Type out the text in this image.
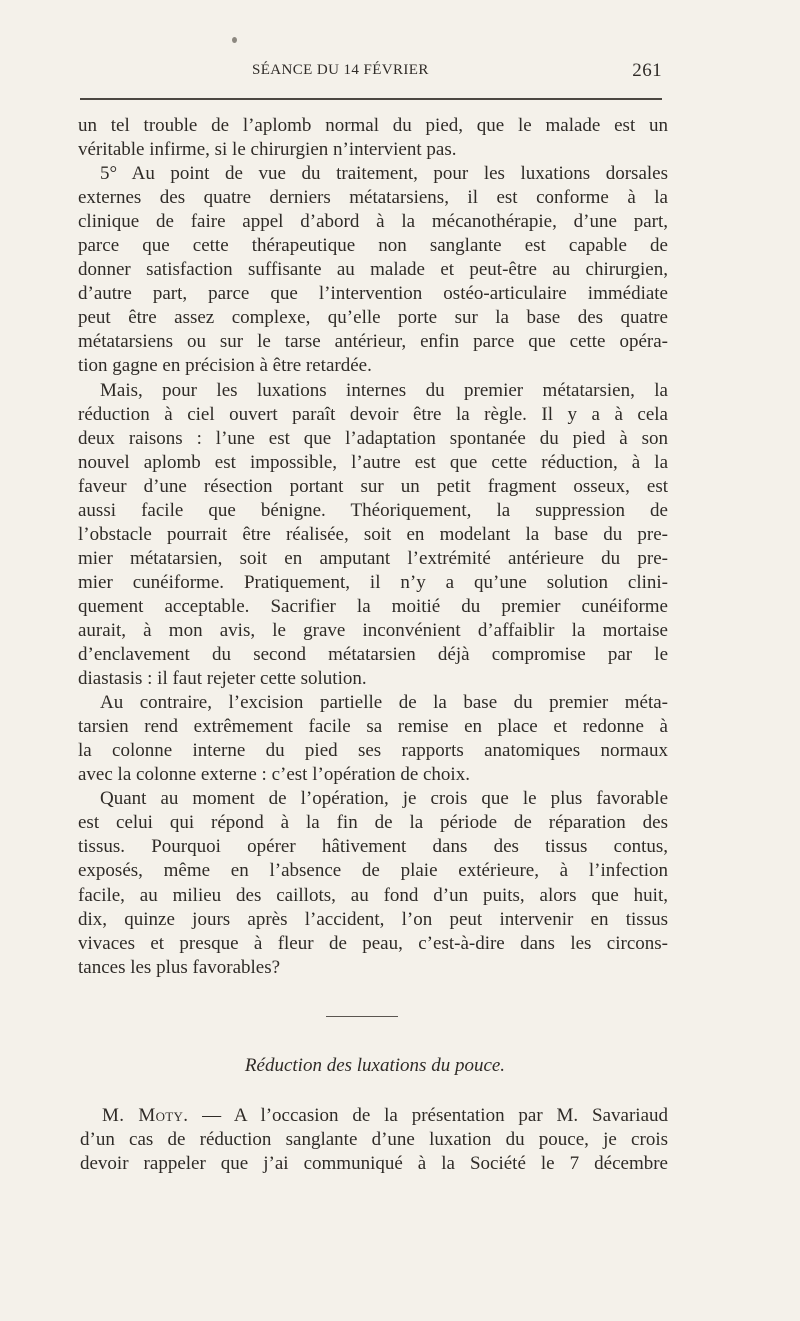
SÉANCE DU 14 FÉVRIER	261
un tel trouble de l’aplomb normal du pied, que le malade est un
véritable infirme, si le chirurgien n’intervient pas.
5° Au point de vue du traitement, pour les luxations dorsales
externes des quatre derniers métatarsiens, il est conforme à la
clinique de faire appel d’abord à la mécanothérapie, d’une part,
parce que cette thérapeutique non sanglante est capable de
donner satisfaction suffisante au malade et peut-être au chirurgien,
d’autre part, parce que l’intervention ostéo-articulaire immédiate
peut être assez complexe, qu’elle porte sur la base des quatre
métatarsiens ou sur le tarse antérieur, enfin parce que cette opéra-
tion gagne en précision à être retardée.
Mais, pour les luxations internes du premier métatarsien, la
réduction à ciel ouvert paraît devoir être la règle. Il y a à cela
deux raisons : l’une est que l’adaptation spontanée du pied à son
nouvel aplomb est impossible, l’autre est que cette réduction, à la
faveur d’une résection portant sur un petit fragment osseux, est
aussi facile que bénigne. Théoriquement, la suppression de
l’obstacle pourrait être réalisée, soit en modelant la base du pre-
mier métatarsien, soit en amputant l’extrémité antérieure du pre-
mier cunéiforme. Pratiquement, il n’y a qu’une solution clini-
quement acceptable. Sacrifier la moitié du premier cunéiforme
aurait, à mon avis, le grave inconvénient d’affaiblir la mortaise
d’enclavement du second métatarsien déjà compromise par le
diastasis : il faut rejeter cette solution.
Au contraire, l’excision partielle de la base du premier méta-
tarsien rend extrêmement facile sa remise en place et redonne à
la colonne interne du pied ses rapports anatomiques normaux
avec la colonne externe : c’est l’opération de choix.
Quant au moment de l’opération, je crois que le plus favorable
est celui qui répond à la fin de la période de réparation des
tissus. Pourquoi opérer hâtivement dans des tissus contus,
exposés, même en l’absence de plaie extérieure, à l’infection
facile, au milieu des caillots, au fond d’un puits, alors que huit,
dix, quinze jours après l’accident, l’on peut intervenir en tissus
vivaces et presque à fleur de peau, c’est-à-dire dans les circons-
tances les plus favorables?
Réduction des luxations du pouce.
M. Moty. — A l’occasion de la présentation par M. Savariaud
d’un cas de réduction sanglante d’une luxation du pouce, je crois
devoir rappeler que j’ai communiqué à la Société le 7 décembre
